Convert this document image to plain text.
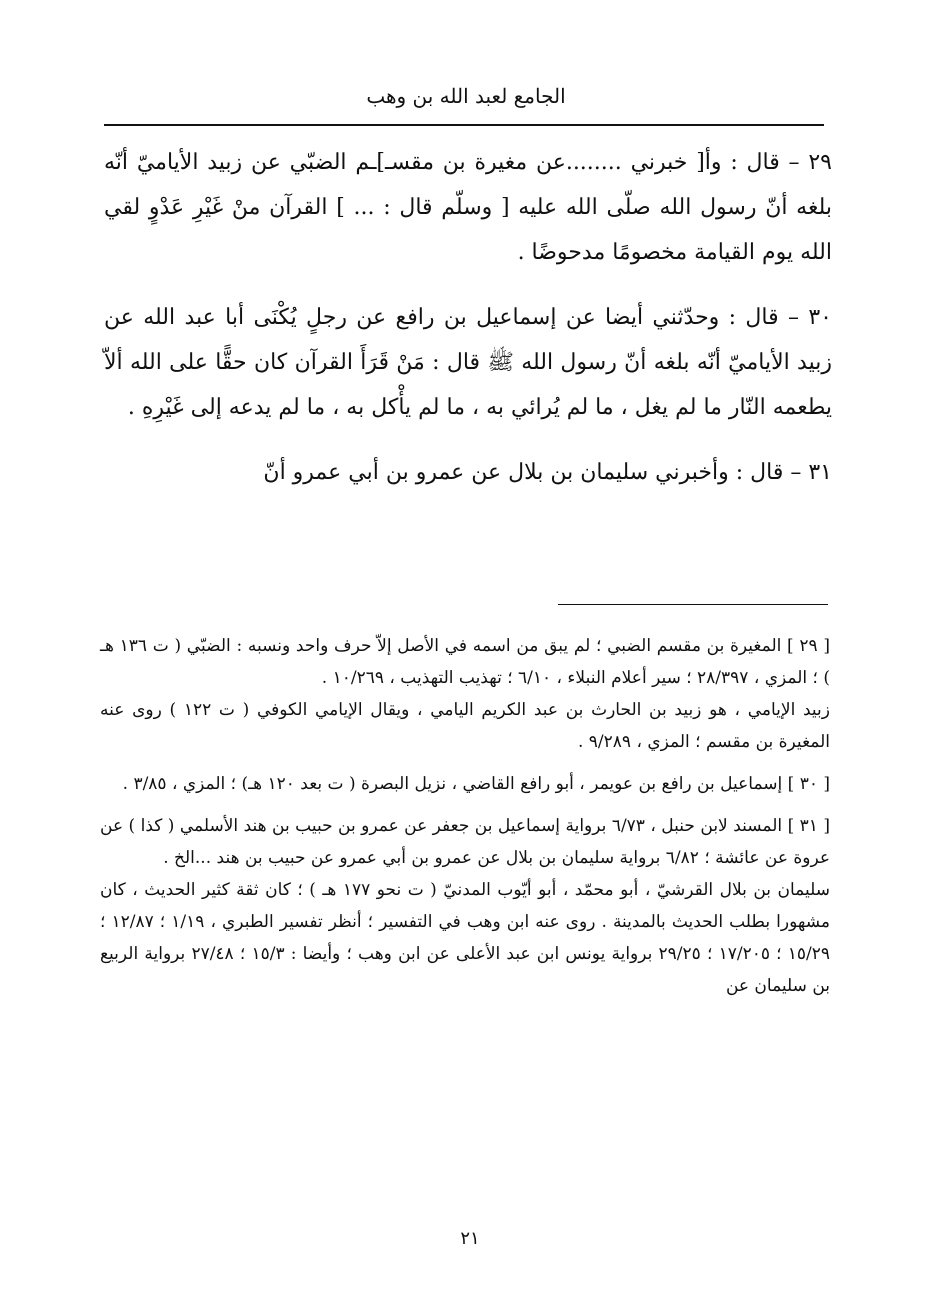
الجامع لعبد الله بن وهب

٢٩ – قال : وأ[ خبرني ........عن مغيرة بن مقسـ]ـم الضبّي عن زبيد الأياميّ أنّه بلغه أنّ رسول الله صلّى الله عليه [ وسلّم قال : ... ] القرآن منْ غَيْرِ عَدْوٍ لقي الله يوم القيامة مخصومًا مدحوضًا .

٣٠ – قال : وحدّثني أيضا عن إسماعيل بن رافع عن رجلٍ يُكْنَى أبا عبد الله عن زبيد الأياميّ أنّه بلغه أنّ رسول الله ﷺ قال : مَنْ قَرَأَ القرآن كان حقًّا على الله ألاّ يطعمه النّار ما لم يغل ، ما لم يُرائي به ، ما لم يأْكل به ، ما لم يدعه إلى غَيْرِهِ .

٣١ – قال : وأخبرني سليمان بن بلال عن عمرو بن أبي عمرو أنّ

[ ٢٩ ] المغيرة بن مقسم الضبي ؛ لم يبق من اسمه في الأصل إلاّ حرف واحد ونسبه : الضبّي ( ت ١٣٦ هـ ) ؛ المزي ، ٢٨/٣٩٧ ؛ سير أعلام النبلاء ، ٦/١٠ ؛ تهذيب التهذيب ، ١٠/٢٦٩ .

زبيد الإيامي ، هو زبيد بن الحارث بن عبد الكريم اليامي ، ويقال الإيامي الكوفي ( ت ١٢٢ ) روى عنه المغيرة بن مقسم ؛ المزي ، ٩/٢٨٩ .

[ ٣٠ ] إسماعيل بن رافع بن عويمر ، أبو رافع القاضي ، نزيل البصرة ( ت بعد ١٢٠ هـ) ؛ المزي ، ٣/٨٥ .

[ ٣١ ] المسند لابن حنبل ، ٦/٧٣ برواية إسماعيل بن جعفر عن عمرو بن حبيب بن هند الأسلمي ( كذا ) عن عروة عن عائشة ؛ ٦/٨٢ برواية سليمان بن بلال عن عمرو بن أبي عمرو عن حبيب بن هند ...الخ .

سليمان بن بلال القرشيّ ، أبو محمّد ، أبو أيّوب المدنيّ ( ت نحو ١٧٧ هـ ) ؛ كان ثقة كثير الحديث ، كان مشهورا بطلب الحديث بالمدينة . روى عنه ابن وهب في التفسير ؛ أنظر تفسير الطبري ، ١/١٩ ؛ ١٢/٨٧ ؛ ١٥/٢٩ ؛ ١٧/٢٠٥ ؛ ٢٩/٢٥ برواية يونس ابن عبد الأعلى عن ابن وهب ؛ وأيضا : ١٥/٣ ؛ ٢٧/٤٨ برواية الربيع بن سليمان عن

٢١
